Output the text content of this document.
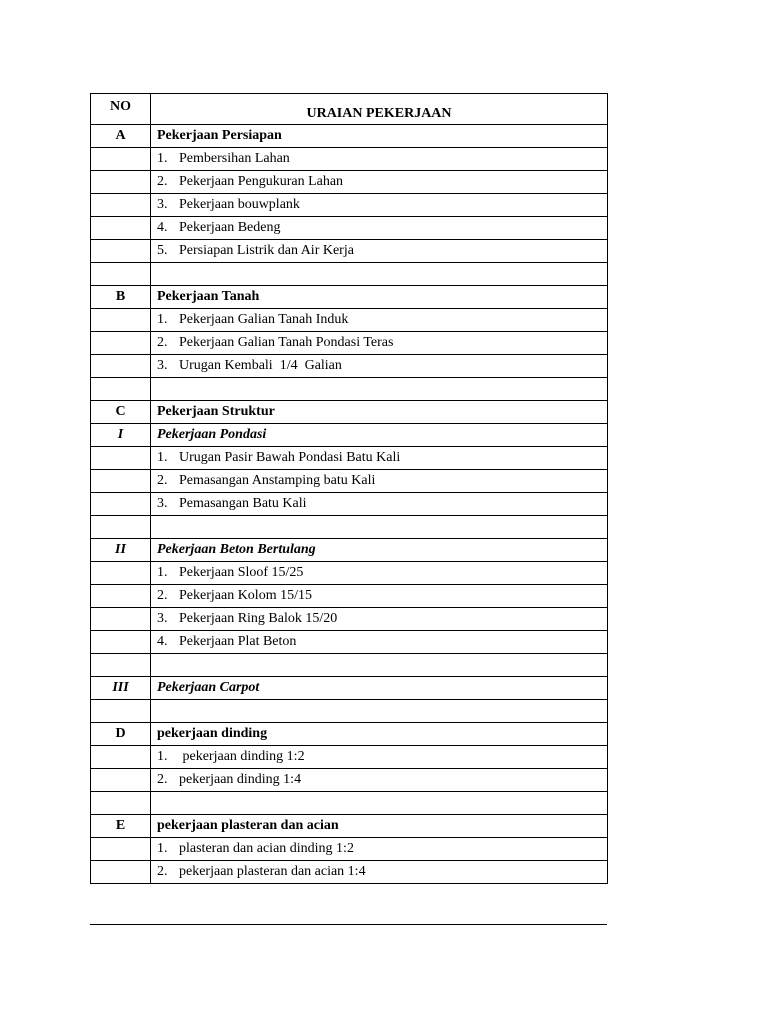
NO	URAIAN PEKERJAAN
A	Pekerjaan Persiapan
	1. Pembersihan Lahan
	2. Pekerjaan Pengukuran Lahan
	3. Pekerjaan bouwplank
	4. Pekerjaan Bedeng
	5. Persiapan Listrik dan Air Kerja

B	Pekerjaan Tanah
	1. Pekerjaan Galian Tanah Induk
	2. Pekerjaan Galian Tanah Pondasi Teras
	3. Urugan Kembali  1/4  Galian

C	Pekerjaan Struktur
I	Pekerjaan Pondasi
	1. Urugan Pasir Bawah Pondasi Batu Kali
	2. Pemasangan Anstamping batu Kali
	3. Pemasangan Batu Kali

II	Pekerjaan Beton Bertulang
	1. Pekerjaan Sloof 15/25
	2. Pekerjaan Kolom 15/15
	3. Pekerjaan Ring Balok 15/20
	4. Pekerjaan Plat Beton

III	Pekerjaan Carpot

D	pekerjaan dinding
	1. pekerjaan dinding 1:2
	2. pekerjaan dinding 1:4

E	pekerjaan plasteran dan acian
	1. plasteran dan acian dinding 1:2
	2. pekerjaan plasteran dan acian 1:4
